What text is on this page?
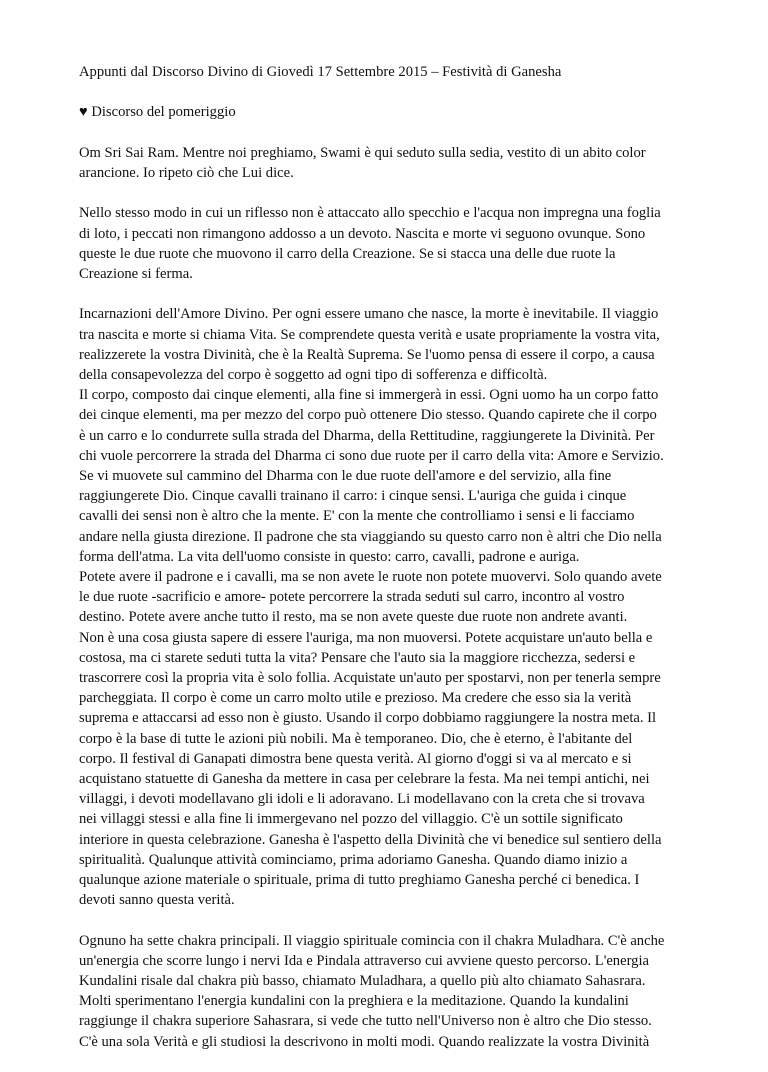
Appunti dal Discorso Divino di Giovedì 17 Settembre 2015 – Festività di Ganesha

♥ Discorso del pomeriggio

Om Sri Sai Ram. Mentre noi preghiamo, Swami è qui seduto sulla sedia, vestito di un abito color
arancione. Io ripeto ciò che Lui dice.

Nello stesso modo in cui un riflesso non è attaccato allo specchio e l'acqua non impregna una foglia
di loto, i peccati non rimangono addosso a un devoto. Nascita e morte vi seguono ovunque. Sono
queste le due ruote che muovono il carro della Creazione. Se si stacca una delle due ruote la
Creazione si ferma.

Incarnazioni dell'Amore Divino. Per ogni essere umano che nasce, la morte è inevitabile. Il viaggio
tra nascita e morte si chiama Vita. Se comprendete questa verità e usate propriamente la vostra vita,
realizzerete la vostra Divinità, che è la Realtà Suprema. Se l'uomo pensa di essere il corpo, a causa
della consapevolezza del corpo è soggetto ad ogni tipo di sofferenza e difficoltà.
Il corpo, composto dai cinque elementi, alla fine si immergerà in essi. Ogni uomo ha un corpo fatto
dei cinque elementi, ma per mezzo del corpo può ottenere Dio stesso. Quando capirete che il corpo
è un carro e lo condurrete sulla strada del Dharma, della Rettitudine, raggiungerete la Divinità. Per
chi vuole percorrere la strada del Dharma ci sono due ruote per il carro della vita: Amore e Servizio.
Se vi muovete sul cammino del Dharma con le due ruote dell'amore e del servizio, alla fine
raggiungerete Dio. Cinque cavalli trainano il carro: i cinque sensi. L'auriga che guida i cinque
cavalli dei sensi non è altro che la mente. E' con la mente che controlliamo i sensi e li facciamo
andare nella giusta direzione. Il padrone che sta viaggiando su questo carro non è altri che Dio nella
forma dell'atma. La vita dell'uomo consiste in questo: carro, cavalli, padrone e auriga.
Potete avere il padrone e i cavalli, ma se non avete le ruote non potete muovervi. Solo quando avete
le due ruote -sacrificio e amore- potete percorrere la strada seduti sul carro, incontro al vostro
destino. Potete avere anche tutto il resto, ma se non avete queste due ruote non andrete avanti.
Non è una cosa giusta sapere di essere l'auriga, ma non muoversi. Potete acquistare un'auto bella e
costosa, ma ci starete seduti tutta la vita? Pensare che l'auto sia la maggiore ricchezza, sedersi e
trascorrere così la propria vita è solo follia. Acquistate un'auto per spostarvi, non per tenerla sempre
parcheggiata. Il corpo è come un carro molto utile e prezioso. Ma credere che esso sia la verità
suprema e attaccarsi ad esso non è giusto. Usando il corpo dobbiamo raggiungere la nostra meta. Il
corpo è la base di tutte le azioni più nobili. Ma è temporaneo. Dio, che è eterno, è l'abitante del
corpo. Il festival di Ganapati dimostra bene questa verità. Al giorno d'oggi si va al mercato e si
acquistano statuette di Ganesha da mettere in casa per celebrare la festa. Ma nei tempi antichi, nei
villaggi, i devoti modellavano gli idoli e li adoravano. Li modellavano con la creta che si trovava
nei villaggi stessi e alla fine li immergevano nel pozzo del villaggio. C'è un sottile significato
interiore in questa celebrazione. Ganesha è l'aspetto della Divinità che vi benedice sul sentiero della
spiritualità. Qualunque attività cominciamo, prima adoriamo Ganesha. Quando diamo inizio a
qualunque azione materiale o spirituale, prima di tutto preghiamo Ganesha perché ci benedica. I
devoti sanno questa verità.

Ognuno ha sette chakra principali. Il viaggio spirituale comincia con il chakra Muladhara. C'è anche
un'energia che scorre lungo i nervi Ida e Pindala attraverso cui avviene questo percorso. L'energia
Kundalini risale dal chakra più basso, chiamato Muladhara, a quello più alto chiamato Sahasrara.
Molti sperimentano l'energia kundalini con la preghiera e la meditazione. Quando la kundalini
raggiunge il chakra superiore Sahasrara, si vede che tutto nell'Universo non è altro che Dio stesso.
C'è una sola Verità e gli studiosi la descrivono in molti modi. Quando realizzate la vostra Divinità
